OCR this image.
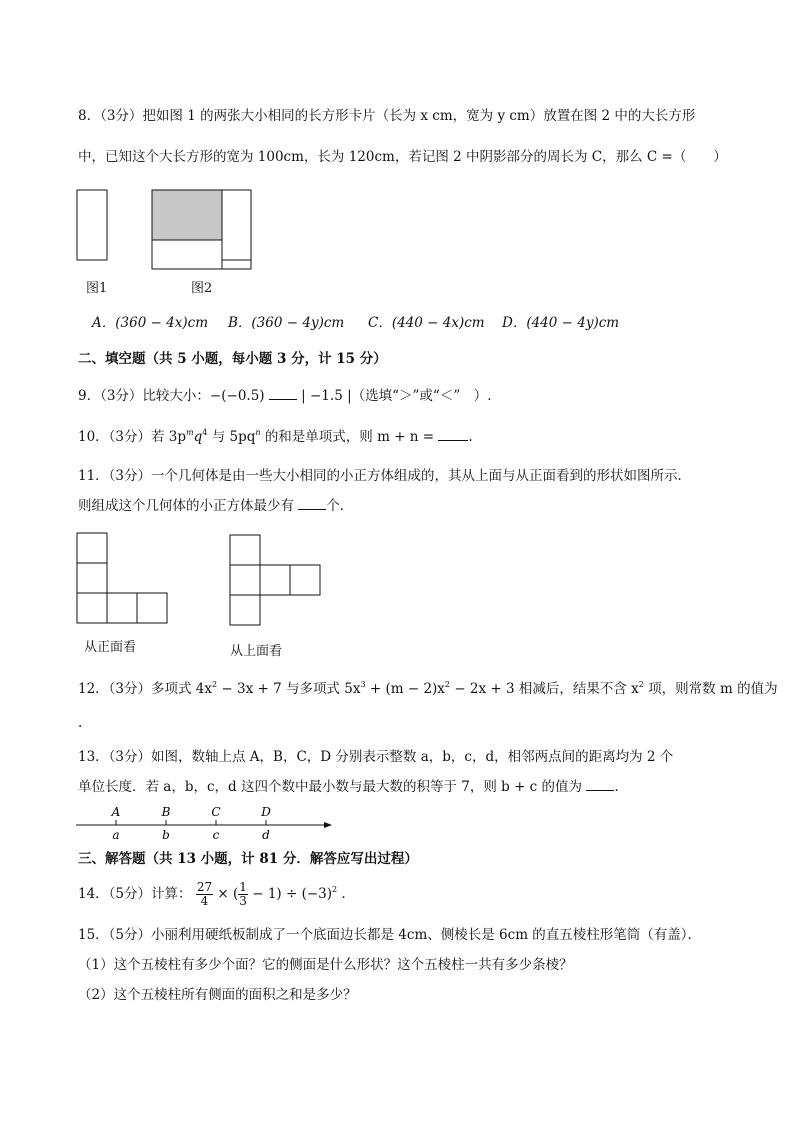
8．（3分）把如图 1 的两张大小相同的长方形卡片（长为 x cm，宽为 y cm）放置在图 2 中的大长方形
中，已知这个大长方形的宽为 100cm，长为 120cm，若记图 2 中阴影部分的周长为 C，那么 C =（　　）
图1	图2
A．(360 − 4x)cm B．(360 − 4y)cm C．(440 − 4x)cm D．(440 − 4y)cm
二、填空题（共 5 小题，每小题 3 分，计 15 分）
9．（3分）比较大小：−(−0.5)	| −1.5 |（选填“＞”或“＜”　）.
10．（3分）若 $3p^mq^4$ 与 $5pq^n$ 的和是单项式，则 m + n =	.
11．（3分）一个几何体是由一些大小相同的小正方体组成的，其从上面与从正面看到的形状如图所示．
则组成这个几何体的小正方体最少有 个．
从正面看	从上面看
12．（3分）多项式 $4x^2 - 3x + 7$ 与多项式 $5x^3 + (m - 2)x^2 - 2x + 3$ 相减后，结果不含 $x^2$ 项，则常数 m 的值为
.
13．（3分）如图，数轴上点 A，B，C，D 分别表示整数 a，b，c，d，相邻两点间的距离均为 2 个
单位长度．若 a，b，c，d 这四个数中最小数与最大数的积等于 7，则 b + c 的值为 .
A
a
B
b
C
c
D
d
三、解答题（共 13 小题，计 81 分．解答应写出过程）
14．（5分）计算： $\frac{27}{4}$ × ( $\frac{1}{3} - 1) \div (-3)^2$ .
15．（5分）小丽利用硬纸板制成了一个底面边长都是 4cm、侧棱长是 6cm 的直五棱柱形笔筒（有盖）．
（1）这个五棱柱有多少个面？它的侧面是什么形状？这个五棱柱一共有多少条棱？
（2）这个五棱柱所有侧面的面积之和是多少？
